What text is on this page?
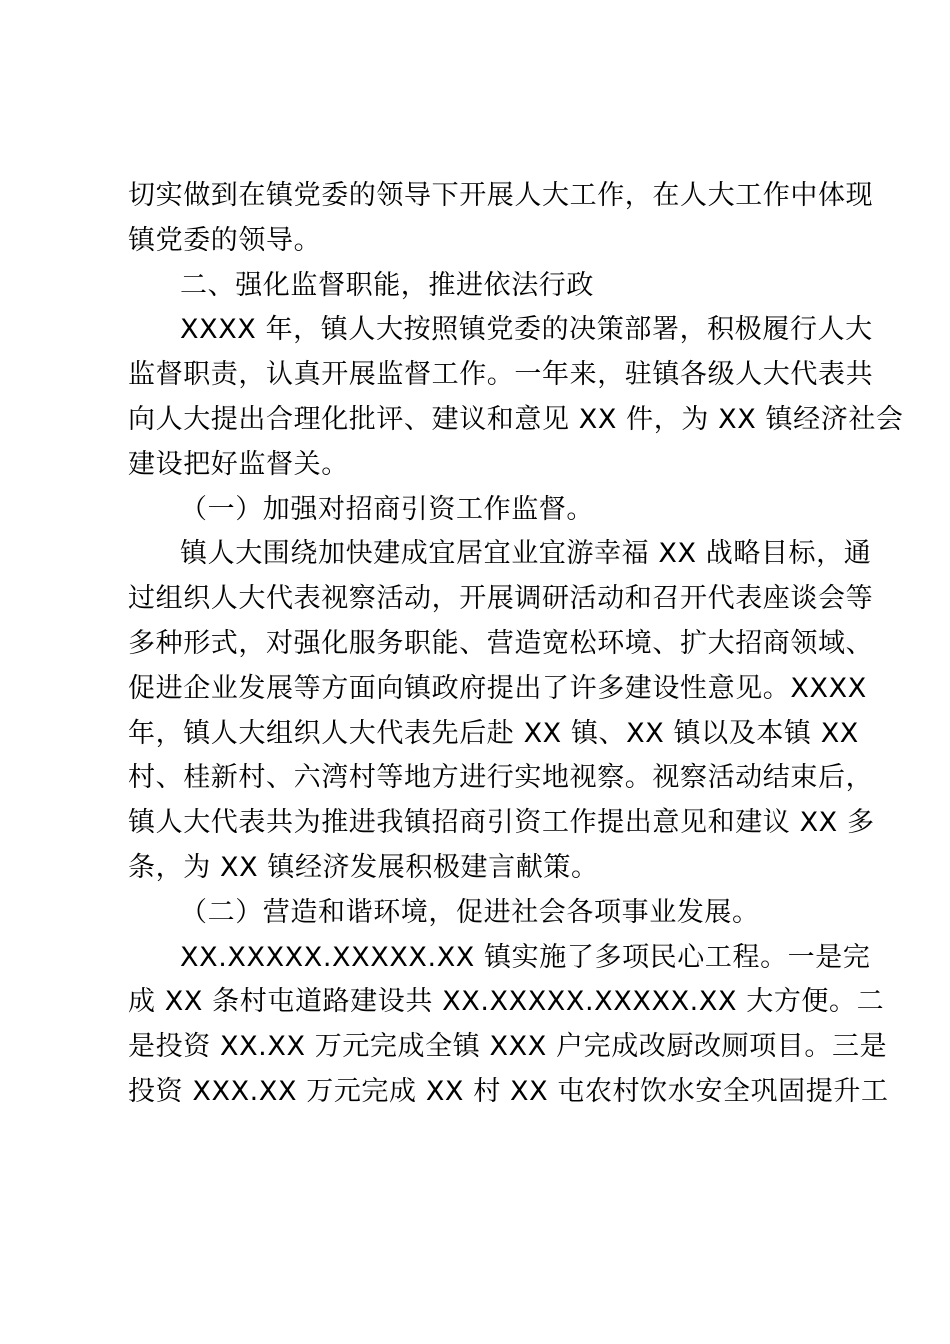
切实做到在镇党委的领导下开展人大工作，在人大工作中体现
镇党委的领导。
二、强化监督职能，推进依法行政
XXXX 年，镇人大按照镇党委的决策部署，积极履行人大
监督职责，认真开展监督工作。一年来，驻镇各级人大代表共
向人大提出合理化批评、建议和意见 XX 件，为 XX 镇经济社会
建设把好监督关。
（一）加强对招商引资工作监督。
镇人大围绕加快建成宜居宜业宜游幸福 XX 战略目标，通
过组织人大代表视察活动，开展调研活动和召开代表座谈会等
多种形式，对强化服务职能、营造宽松环境、扩大招商领域、
促进企业发展等方面向镇政府提出了许多建设性意见。XXXX
年，镇人大组织人大代表先后赴 XX 镇、XX 镇以及本镇 XX
村、桂新村、六湾村等地方进行实地视察。视察活动结束后，
镇人大代表共为推进我镇招商引资工作提出意见和建议 XX 多
条，为 XX 镇经济发展积极建言献策。
（二）营造和谐环境，促进社会各项事业发展。
XX.XXXXX.XXXXX.XX 镇实施了多项民心工程。一是完
成 XX 条村屯道路建设共 XX.XXXXX.XXXXX.XX 大方便。二
是投资 XX.XX 万元完成全镇 XXX 户完成改厨改厕项目。三是
投资 XXX.XX 万元完成 XX 村 XX 屯农村饮水安全巩固提升工
